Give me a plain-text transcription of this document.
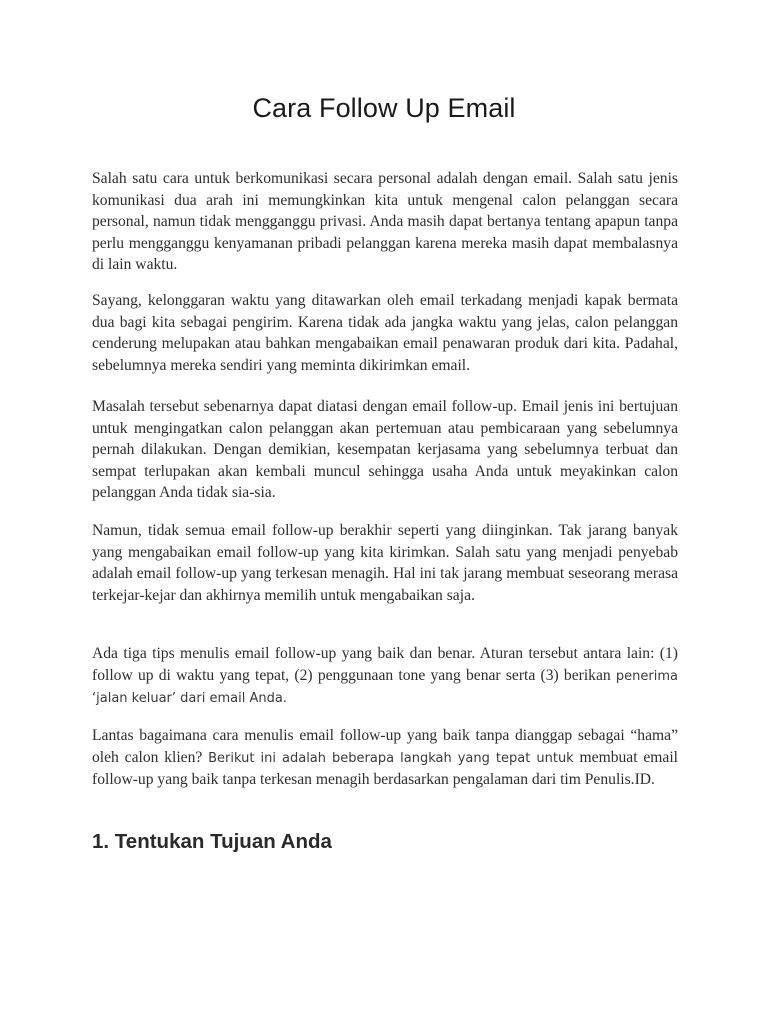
Cara Follow Up Email

Salah satu cara untuk berkomunikasi secara personal adalah dengan email. Salah satu jenis komunikasi dua arah ini memungkinkan kita untuk mengenal calon pelanggan secara personal, namun tidak mengganggu privasi. Anda masih dapat bertanya tentang apapun tanpa perlu mengganggu kenyamanan pribadi pelanggan karena mereka masih dapat membalasnya di lain waktu.

Sayang, kelonggaran waktu yang ditawarkan oleh email terkadang menjadi kapak bermata dua bagi kita sebagai pengirim. Karena tidak ada jangka waktu yang jelas, calon pelanggan cenderung melupakan atau bahkan mengabaikan email penawaran produk dari kita. Padahal, sebelumnya mereka sendiri yang meminta dikirimkan email.

Masalah tersebut sebenarnya dapat diatasi dengan email follow-up. Email jenis ini bertujuan untuk mengingatkan calon pelanggan akan pertemuan atau pembicaraan yang sebelumnya pernah dilakukan. Dengan demikian, kesempatan kerjasama yang sebelumnya terbuat dan sempat terlupakan akan kembali muncul sehingga usaha Anda untuk meyakinkan calon pelanggan Anda tidak sia-sia.

Namun, tidak semua email follow-up berakhir seperti yang diinginkan. Tak jarang banyak yang mengabaikan email follow-up yang kita kirimkan. Salah satu yang menjadi penyebab adalah email follow-up yang terkesan menagih. Hal ini tak jarang membuat seseorang merasa terkejar-kejar dan akhirnya memilih untuk mengabaikan saja.

Ada tiga tips menulis email follow-up yang baik dan benar. Aturan tersebut antara lain: (1) follow up di waktu yang tepat, (2) penggunaan tone yang benar serta (3) berikan penerima ‘jalan keluar’ dari email Anda.

Lantas bagaimana cara menulis email follow-up yang baik tanpa dianggap sebagai “hama” oleh calon klien? Berikut ini adalah beberapa langkah yang tepat untuk membuat email follow-up yang baik tanpa terkesan menagih berdasarkan pengalaman dari tim Penulis.ID.

1. Tentukan Tujuan Anda
